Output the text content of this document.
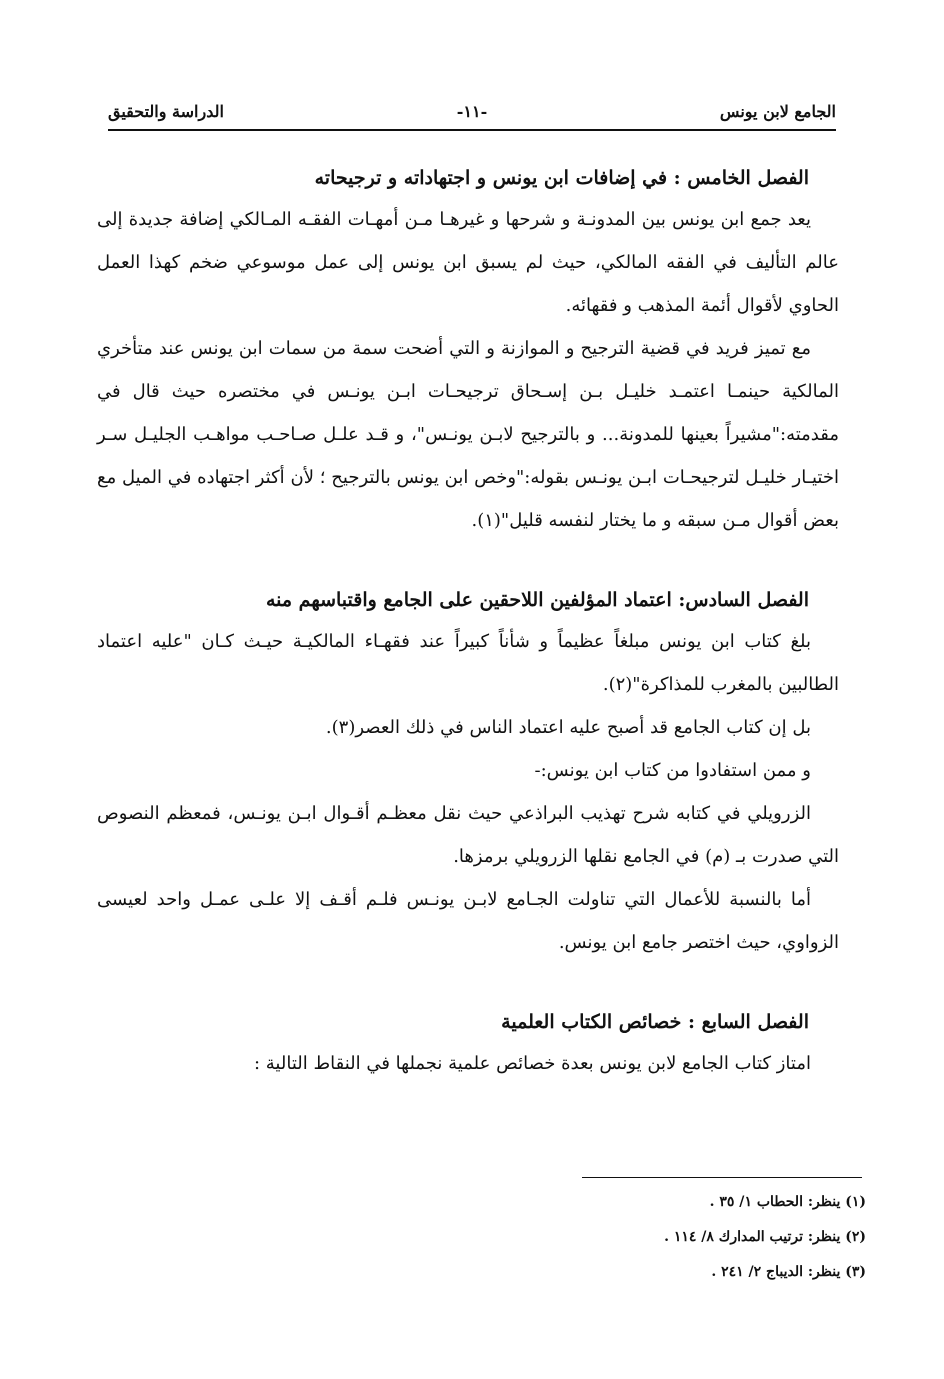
الجامع لابن يونس
-١١-
الدراسة والتحقيق
الفصل الخامس : في إضافات ابن يونس و اجتهاداته و ترجيحاته

يعد جمع ابن يونس بين المدونـة و شرحها و غيرهـا مـن أمهـات الفقـه المـالكي إضافة جديدة إلى عالم التأليف في الفقه المالكي، حيث لم يسبق ابن يونس إلى عمل موسوعي ضخم كهذا العمل الحاوي لأقوال أئمة المذهب و فقهائه.

مع تميز فريد في قضية الترجيح و الموازنة و التي أضحت سمة من سمات ابن يونس عند متأخري المالكية حينمـا اعتمـد خليـل بـن إسـحاق ترجيحـات ابـن يونـس في مختصره حيث قال في مقدمته:"مشيراً بعينها للمدونة... و بالترجيح لابـن يونـس"، و قـد علـل صـاحـب مواهـب الجليـل سـر اختيـار خليـل لترجيحـات ابـن يونـس بقوله:"وخص ابن يونس بالترجيح ؛ لأن أكثر اجتهاده في الميل مع بعض أقوال مـن سبقه و ما يختار لنفسه قليل"(١).

الفصل السادس: اعتماد المؤلفين اللاحقين على الجامع واقتباسهم منه

بلغ كتاب ابن يونس مبلغاً عظيماً و شأناً كبيراً عند فقهـاء المالكيـة حيـث كـان "عليه اعتماد الطالبين بالمغرب للمذاكرة"(٢).

بل إن كتاب الجامع قد أصبح عليه اعتماد الناس في ذلك العصر(٣).

و ممن استفادوا من كتاب ابن يونس:-

الزرويلي في كتابه شرح تهذيب البراذعي حيث نقل معظـم أقـوال ابـن يونـس، فمعظم النصوص التي صدرت بـ (م) في الجامع نقلها الزرويلي برمزها.

أما بالنسبة للأعمال التي تناولت الجـامع لابـن يونـس فلـم أقـف إلا علـى عمـل واحد لعيسى الزواوي، حيث اختصر جامع ابن يونس.

الفصل السابع : خصائص الكتاب العلمية

امتاز كتاب الجامع لابن يونس بعدة خصائص علمية نجملها في النقاط التالية :

(١) ينظر: الحطاب ١/ ٣٥ .
(٢) ينظر: ترتيب المدارك ٨/ ١١٤ .
(٣) ينظر: الديباج ٢/ ٢٤١ .
